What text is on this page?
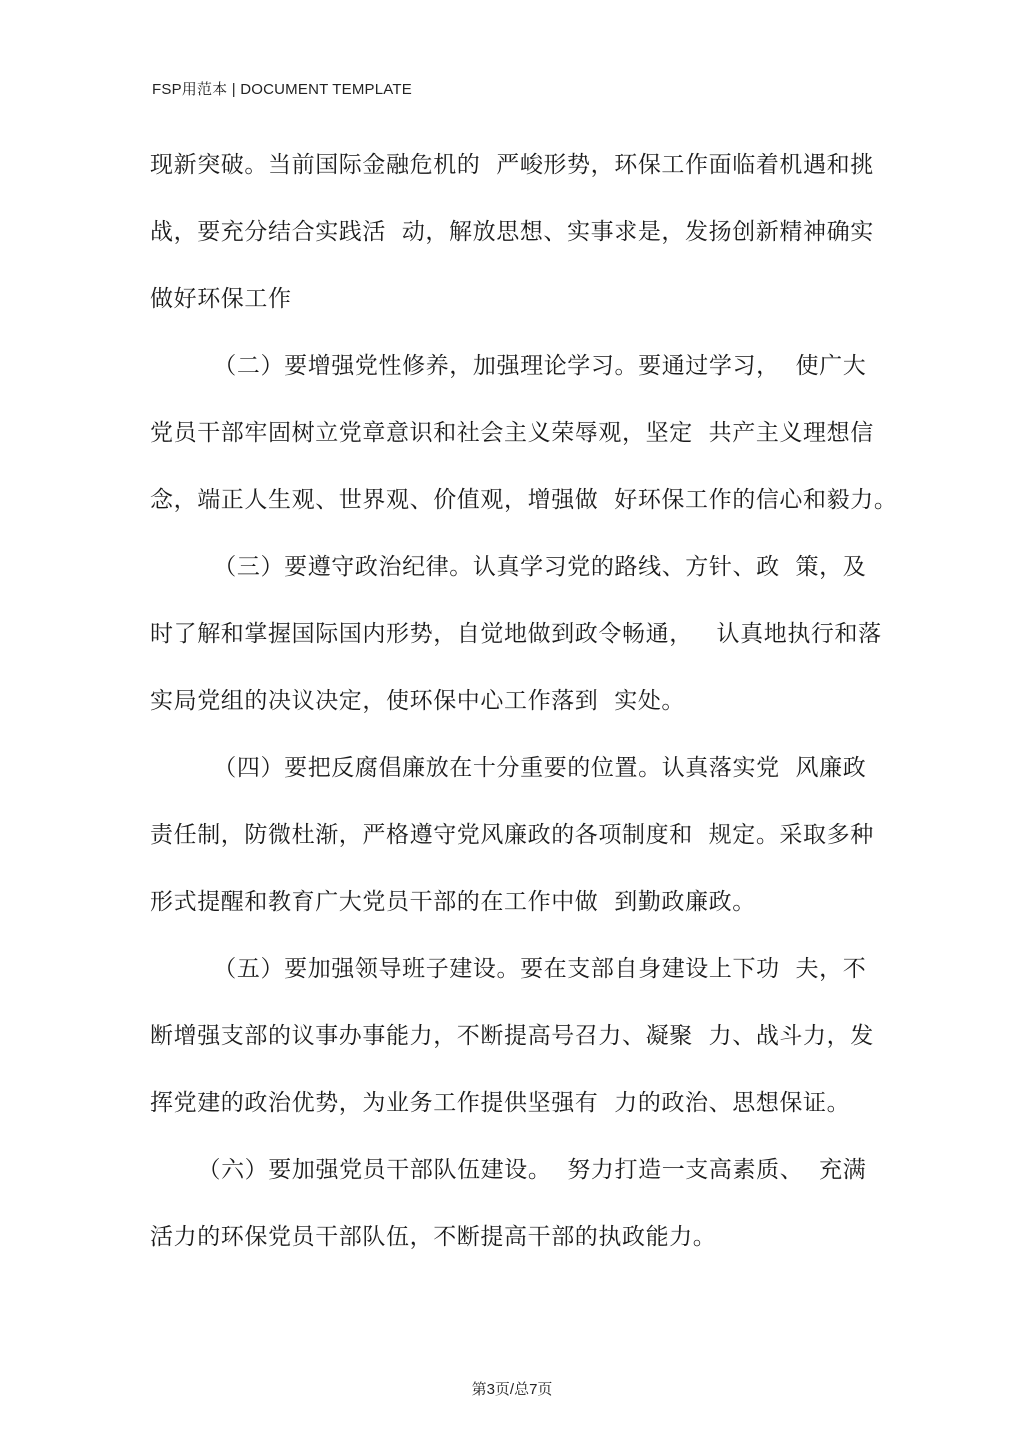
FSP用范本 | DOCUMENT TEMPLATE
现新突破。当前国际金融危机的  严峻形势，环保工作面临着机遇和挑
战，要充分结合实践活  动，解放思想、实事求是，发扬创新精神确实
做好环保工作
（二）要增强党性修养，加强理论学习。要通过学习，  使广大
党员干部牢固树立党章意识和社会主义荣辱观，坚定  共产主义理想信
念，端正人生观、世界观、价值观，增强做  好环保工作的信心和毅力。
（三）要遵守政治纪律。认真学习党的路线、方针、政  策，及
时了解和掌握国际国内形势，自觉地做到政令畅通，   认真地执行和落
实局党组的决议决定，使环保中心工作落到  实处。
（四）要把反腐倡廉放在十分重要的位置。认真落实党  风廉政
责任制，防微杜渐，严格遵守党风廉政的各项制度和  规定。采取多种
形式提醒和教育广大党员干部的在工作中做  到勤政廉政。
（五）要加强领导班子建设。要在支部自身建设上下功  夫，不
断增强支部的议事办事能力，不断提高号召力、凝聚  力、战斗力，发
挥党建的政治优势，为业务工作提供坚强有  力的政治、思想保证。
（六）要加强党员干部队伍建设。  努力打造一支高素质、  充满
活力的环保党员干部队伍，不断提高干部的执政能力。
第3页/总7页
